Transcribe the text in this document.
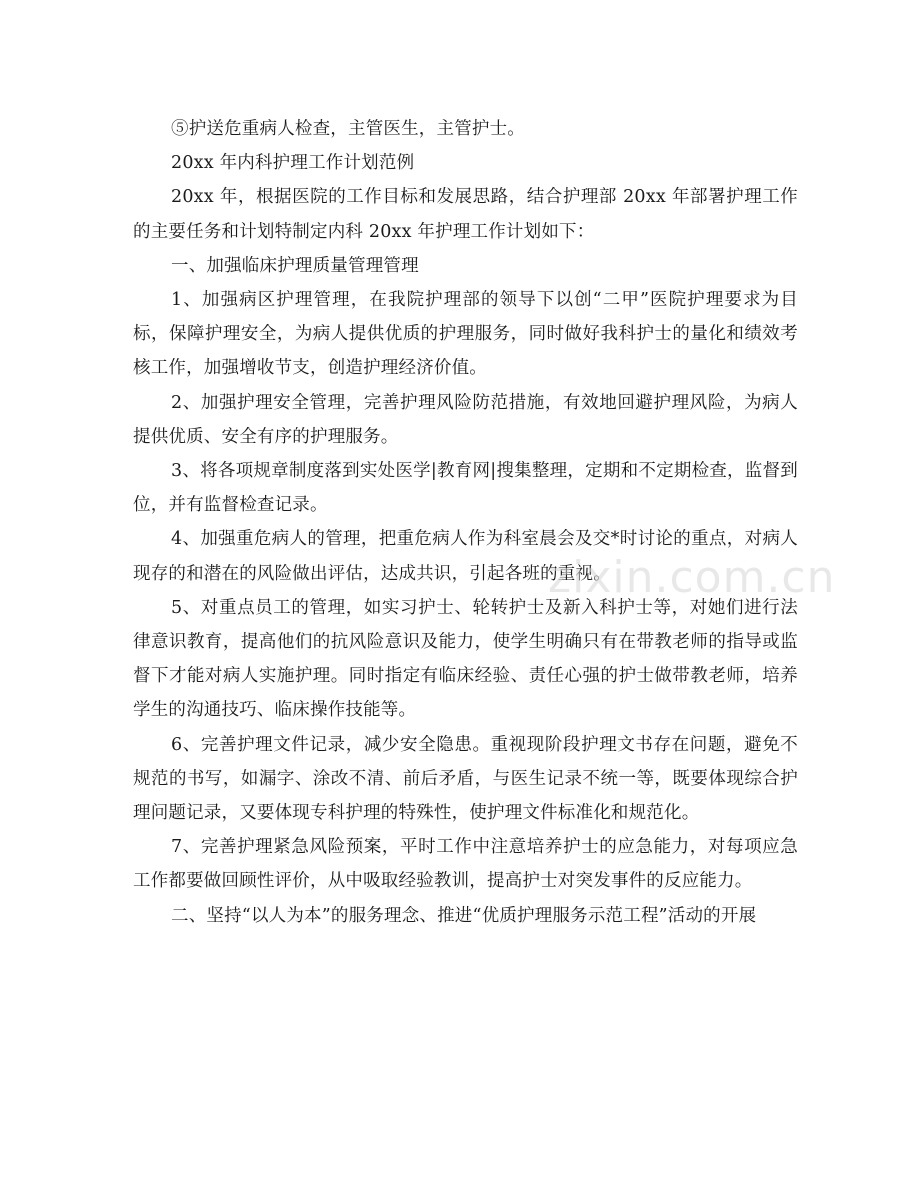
⑤护送危重病人检查，主管医生，主管护士。

20xx 年内科护理工作计划范例

20xx 年，根据医院的工作目标和发展思路，结合护理部 20xx 年部署护理工作的主要任务和计划特制定内科 20xx 年护理工作计划如下：

一、加强临床护理质量管理管理

1、加强病区护理管理，在我院护理部的领导下以创“二甲”医院护理要求为目标，保障护理安全，为病人提供优质的护理服务，同时做好我科护士的量化和绩效考核工作，加强增收节支，创造护理经济价值。

2、加强护理安全管理，完善护理风险防范措施，有效地回避护理风险，为病人提供优质、安全有序的护理服务。

3、将各项规章制度落到实处医学|教育网|搜集整理，定期和不定期检查，监督到位，并有监督检查记录。

4、加强重危病人的管理，把重危病人作为科室晨会及交*时讨论的重点，对病人现存的和潜在的风险做出评估，达成共识，引起各班的重视。

5、对重点员工的管理，如实习护士、轮转护士及新入科护士等，对她们进行法律意识教育，提高他们的抗风险意识及能力，使学生明确只有在带教老师的指导或监督下才能对病人实施护理。同时指定有临床经验、责任心强的护士做带教老师，培养学生的沟通技巧、临床操作技能等。

6、完善护理文件记录，减少安全隐患。重视现阶段护理文书存在问题，避免不规范的书写，如漏字、涂改不清、前后矛盾，与医生记录不统一等，既要体现综合护理问题记录，又要体现专科护理的特殊性，使护理文件标准化和规范化。

7、完善护理紧急风险预案，平时工作中注意培养护士的应急能力，对每项应急工作都要做回顾性评价，从中吸取经验教训，提高护士对突发事件的反应能力。

二、坚持“以人为本”的服务理念、推进“优质护理服务示范工程”活动的开展

zixin.com.cn
